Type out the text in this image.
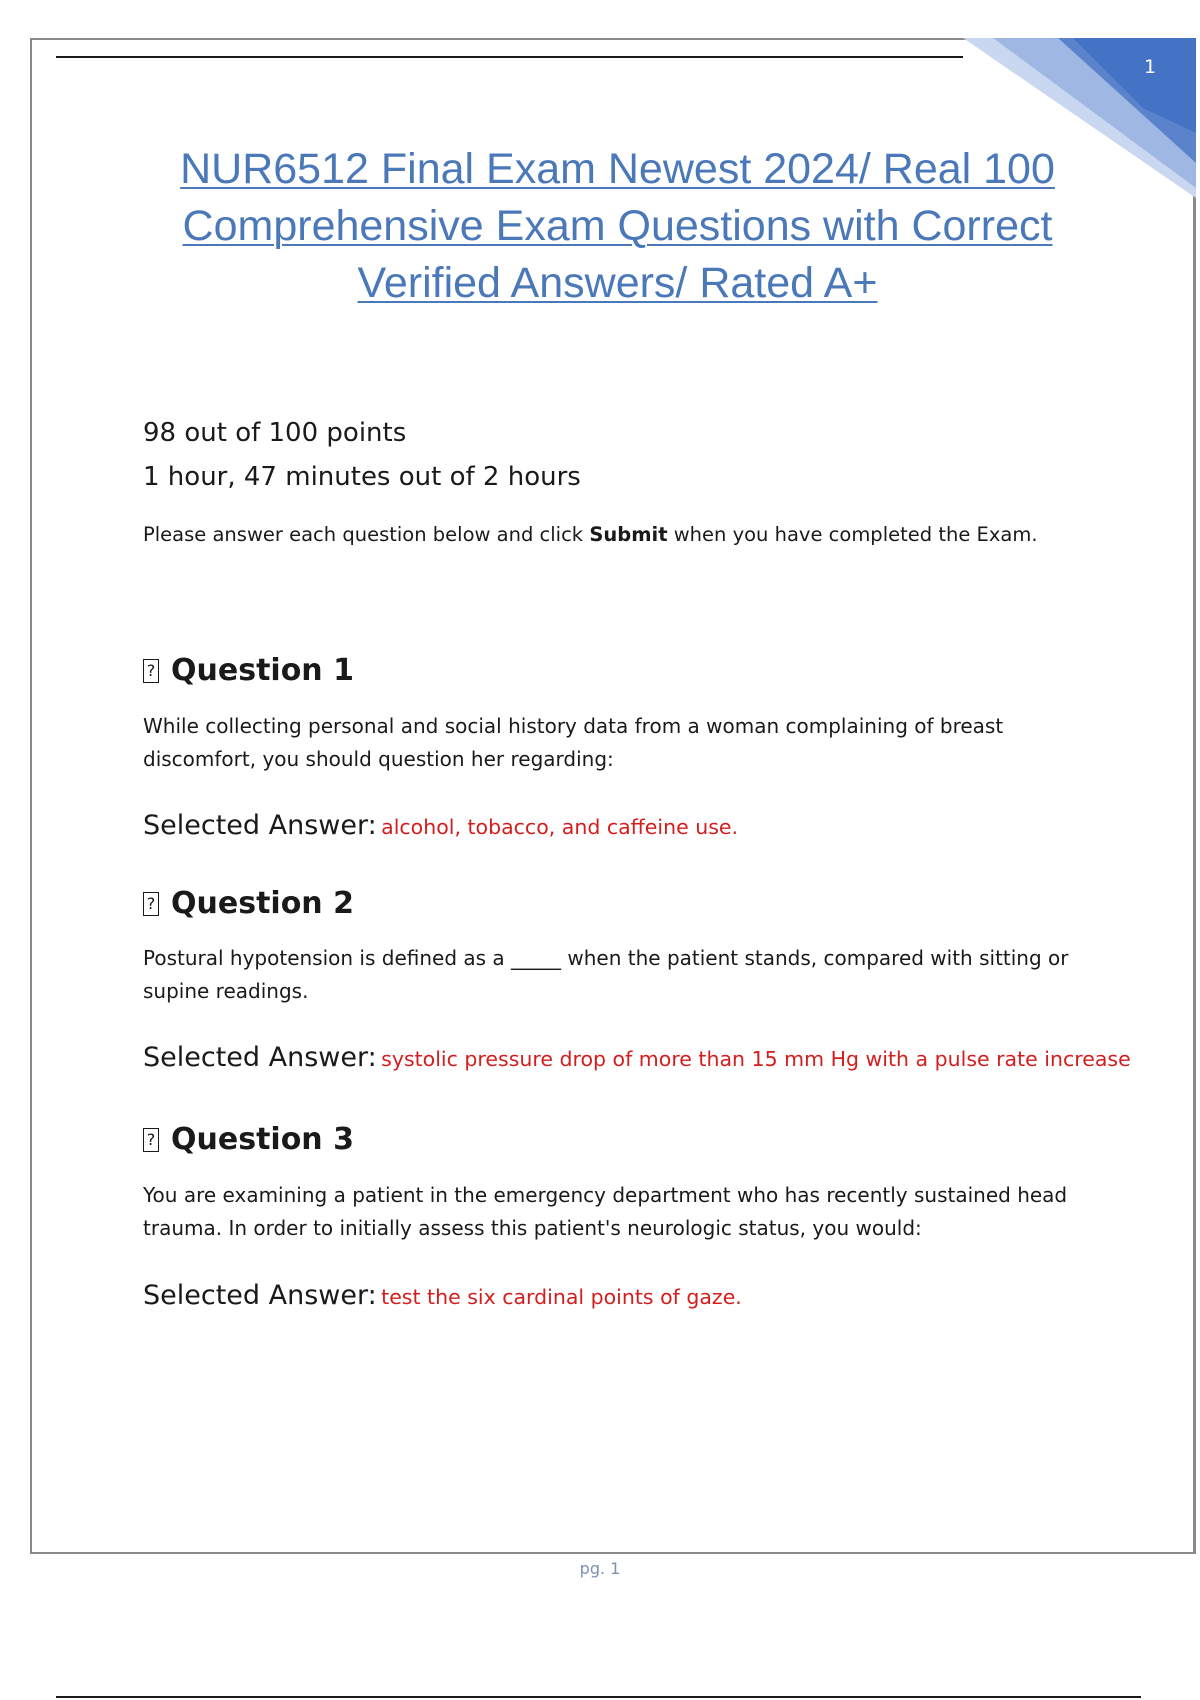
1
NUR6512 Final Exam Newest 2024/ Real 100
Comprehensive Exam Questions with Correct
Verified Answers/ Rated A+
98 out of 100 points
1 hour, 47 minutes out of 2 hours
Please answer each question below and click Submit when you have completed the Exam.
? Question 1

While collecting personal and social history data from a woman complaining of breast discomfort, you should question her regarding:

Selected Answer: alcohol, tobacco, and caffeine use.
? Question 2

Postural hypotension is defined as a _____ when the patient stands, compared with sitting or supine readings.

Selected Answer: systolic pressure drop of more than 15 mm Hg with a pulse rate increase
? Question 3

You are examining a patient in the emergency department who has recently sustained head trauma. In order to initially assess this patient's neurologic status, you would:

Selected Answer: test the six cardinal points of gaze.
pg. 1
